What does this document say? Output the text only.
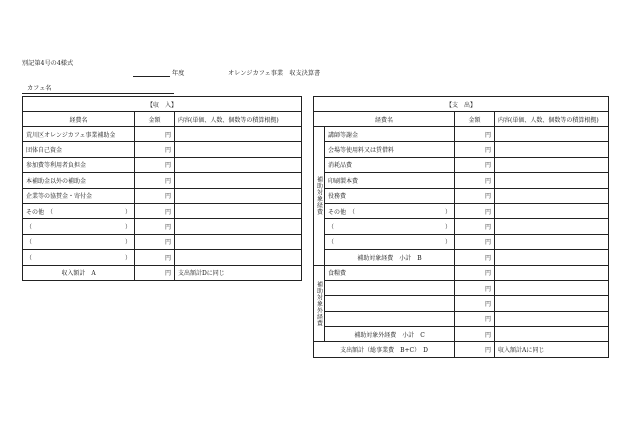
別記第4号の4様式
年度	オレンジカフェ事業　収支決算書
カフェ名
【収　入】		
経費名	金額	内容(単価、人数、個数等の積算根拠)
荒川区オレンジカフェ事業補助金	円	
団体自己資金	円	
参加費等利用者負担金	円	
本補助金以外の補助金	円	
企業等の協賛金・寄付金	円	

その他　（ ）	円	

（ ）	円	

（ ）	円	

（ ）	円	
収入額計　A	円	支出額計Dに同じ
【支　出】			
経費名		金額	内容(単価、人数、個数等の積算根拠)
補助対象経費	講師等謝金	円	
	会場等使用料又は賃借料	円	
	消耗品費	円	
	印刷製本費	円	
	役務費	円	

	その他　（ ）	円	

	（ ）	円	

	（ ）	円	
	補助対象経費　小計　B	円	
補助対象外経費	食糧費	円	
		円	
		円	
		円	
	補助対象外経費　小計　C	円	
支出額計（総事業費　B+C）　D		円	収入額計Aに同じ
